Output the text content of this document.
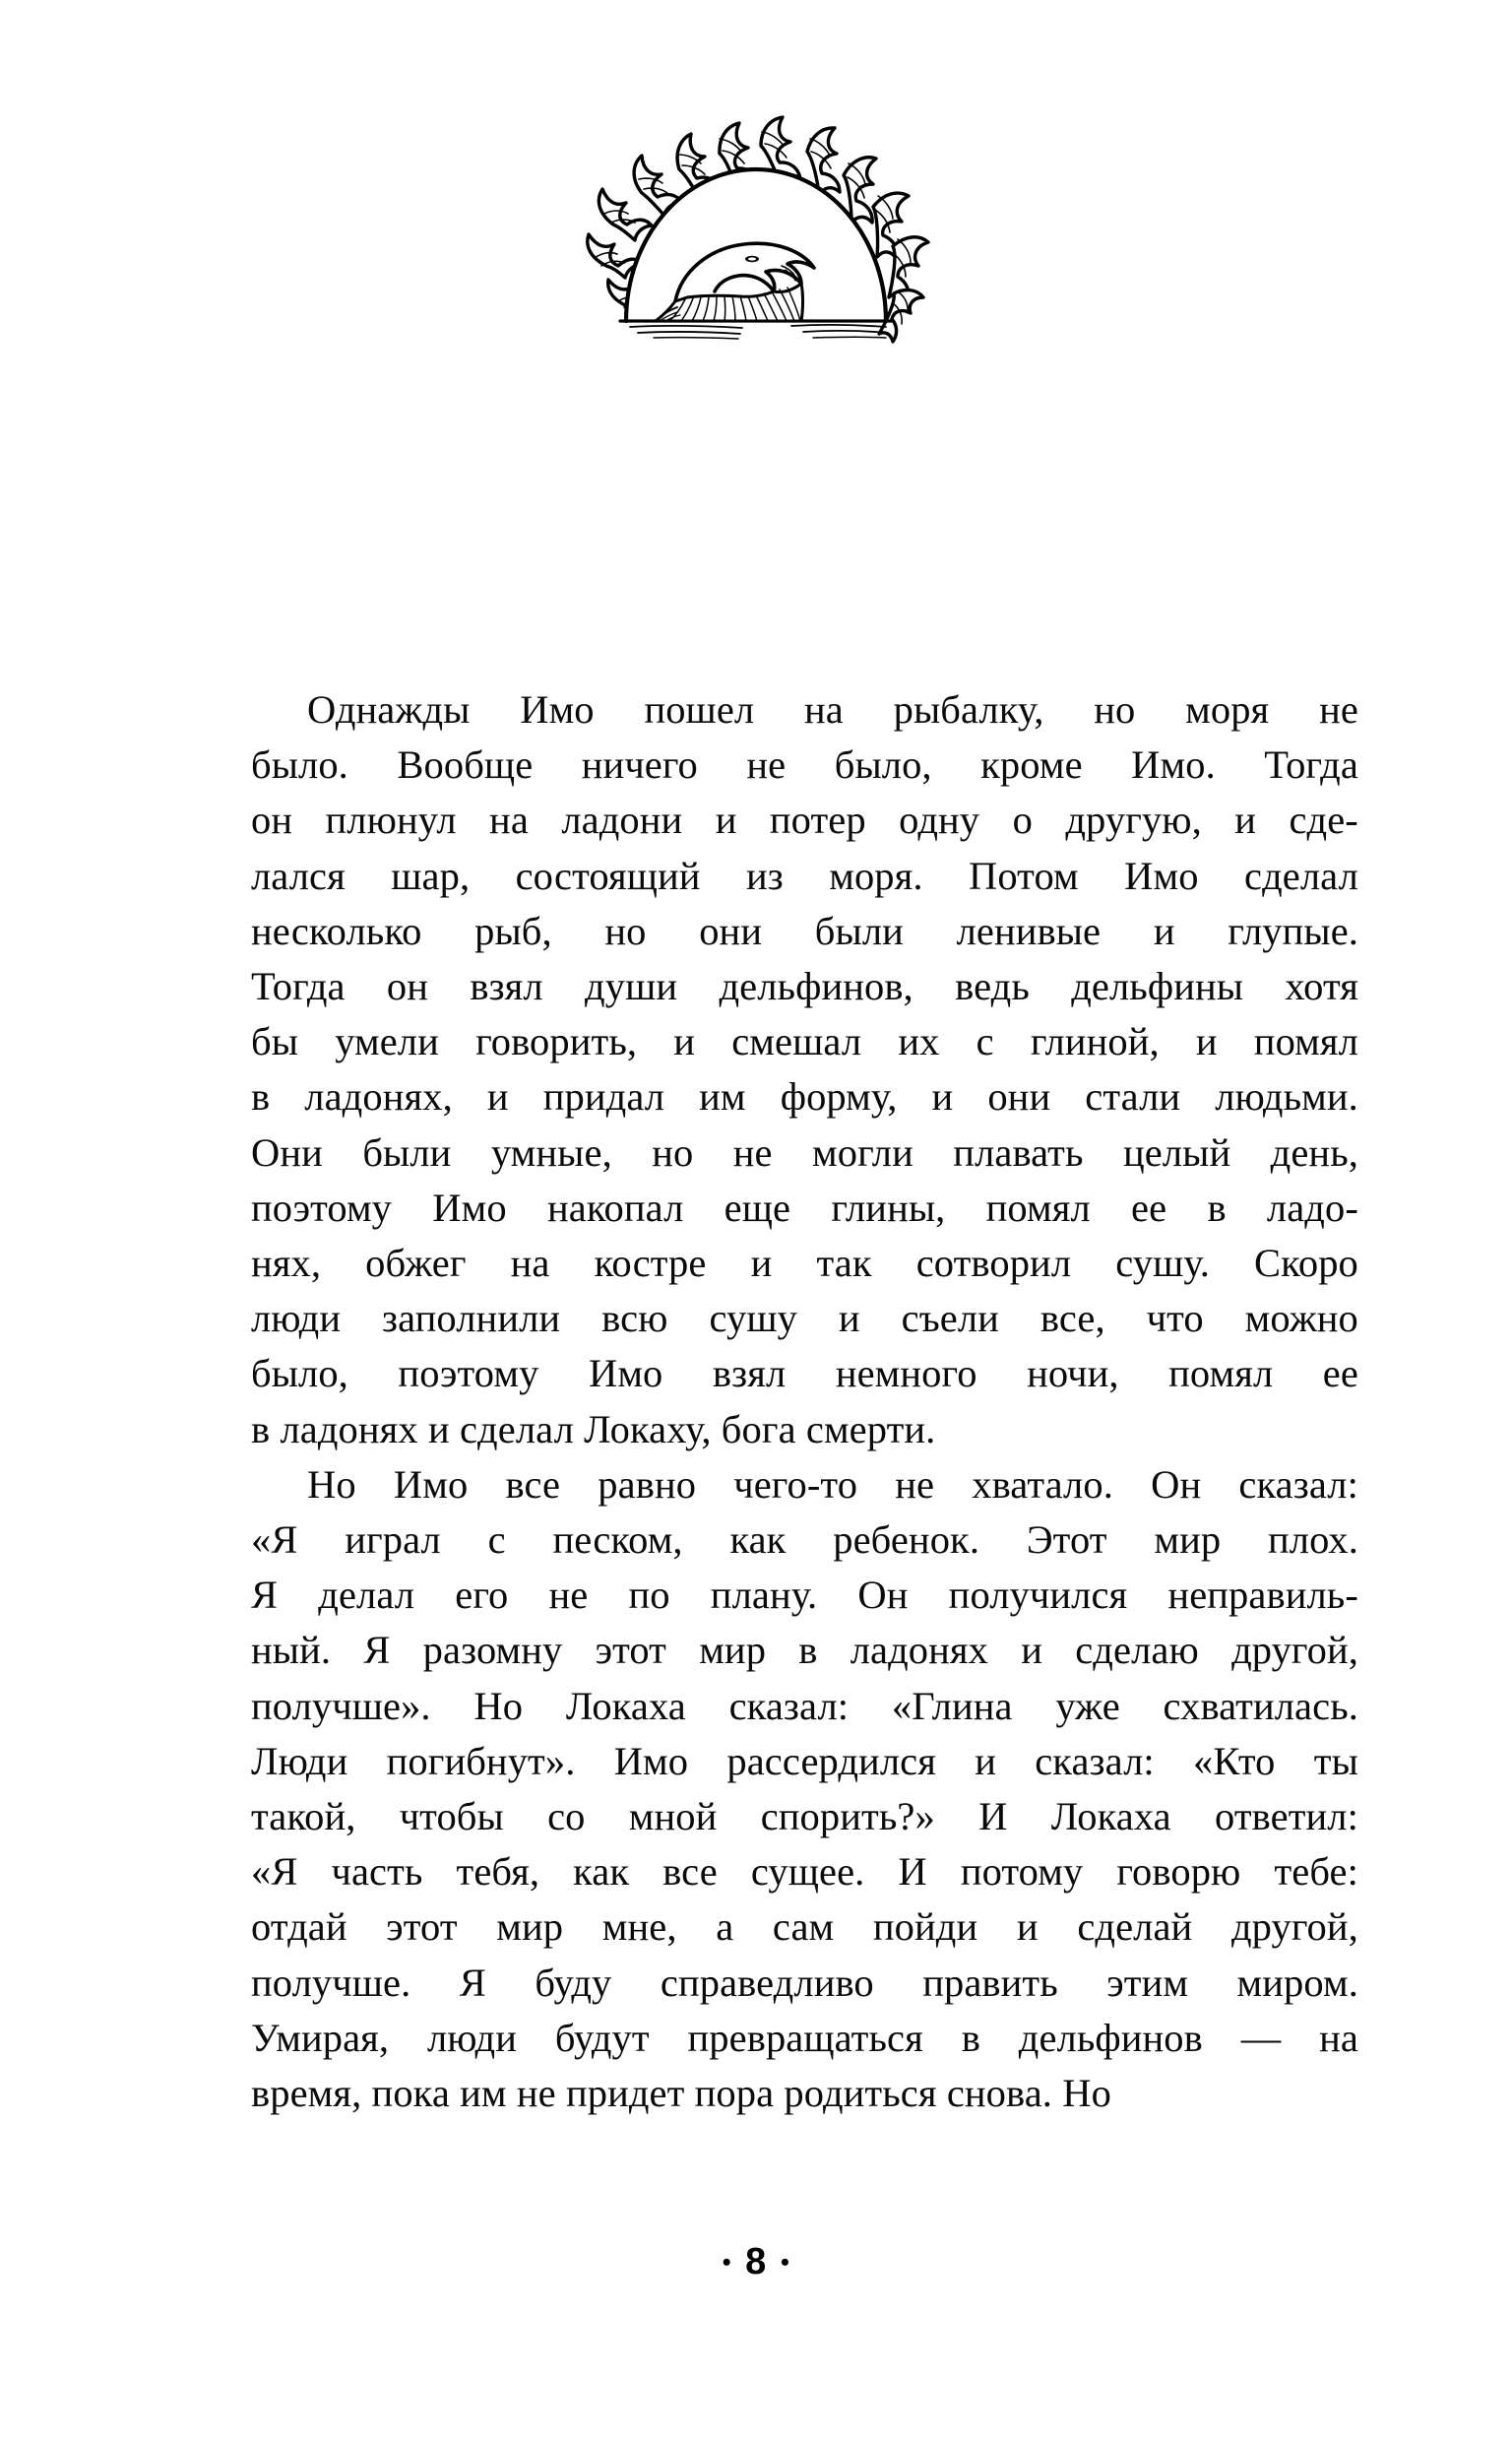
Однажды Имо пошел на рыбалку, но моря не
было. Вообще ничего не было, кроме Имо. Тогда
он плюнул на ладони и потер одну о другую, и сде-
лался шар, состоящий из моря. Потом Имо сделал
несколько рыб, но они были ленивые и глупые.
Тогда он взял души дельфинов, ведь дельфины хотя
бы умели говорить, и смешал их с глиной, и помял
в ладонях, и придал им форму, и они стали людьми.
Они были умные, но не могли плавать целый день,
поэтому Имо накопал еще глины, помял ее в ладо-
нях, обжег на костре и так сотворил сушу. Скоро
люди заполнили всю сушу и съели все, что можно
было, поэтому Имо взял немного ночи, помял ее
в ладонях и сделал Локаху, бога смерти.
Но Имо все равно чего-то не хватало. Он сказал:
«Я играл с песком, как ребенок. Этот мир плох.
Я делал его не по плану. Он получился неправиль-
ный. Я разомну этот мир в ладонях и сделаю другой,
получше». Но Локаха сказал: «Глина уже схватилась.
Люди погибнут». Имо рассердился и сказал: «Кто ты
такой, чтобы со мной спорить?» И Локаха ответил:
«Я часть тебя, как все сущее. И потому говорю тебе:
отдай этот мир мне, а сам пойди и сделай другой,
получше. Я буду справедливо править этим миром.
Умирая, люди будут превращаться в дельфинов — на
время, пока им не придет пора родиться снова. Но
• 8 •
